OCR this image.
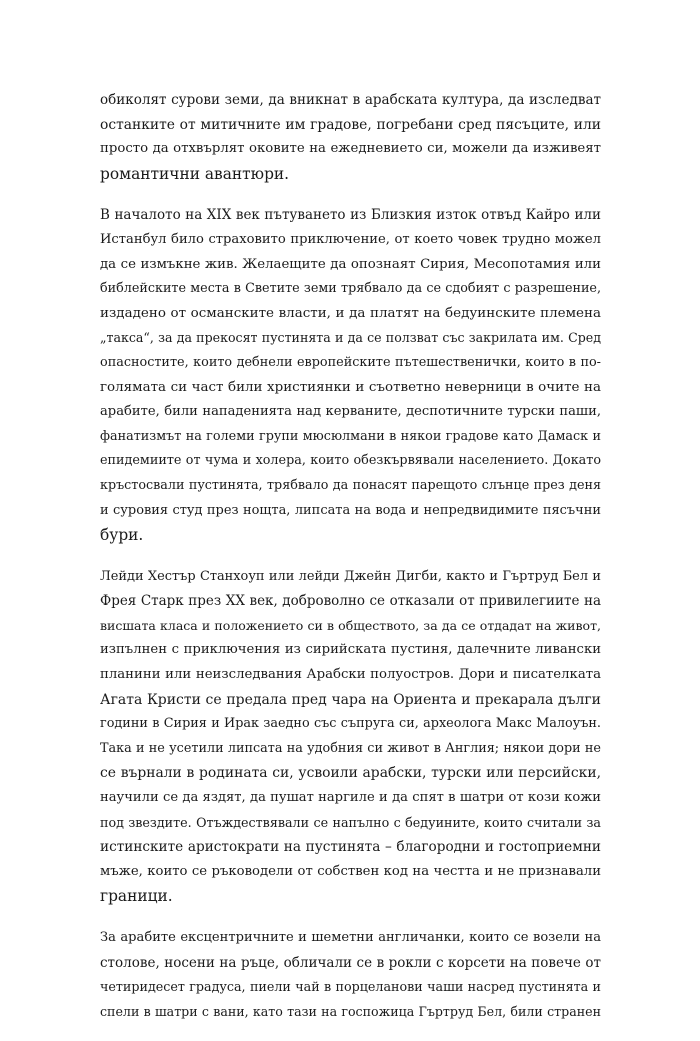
обиколят сурови земи, да вникнат в арабската култура, да изследват
останките от митичните им градове, погребани сред пясъците, или
просто да отхвърлят оковите на ежедневието си, можели да изживеят
романтични авантюри.

В началото на XIX век пътуването из Близкия изток отвъд Кайро или
Истанбул било страховито приключение, от което човек трудно можел
да се измъкне жив. Желаещите да опознаят Сирия, Месопотамия или
библейските места в Светите земи трябвало да се сдобият с разрешение,
издадено от османските власти, и да платят на бедуинските племена
„такса“, за да прекосят пустинята и да се ползват със закрилата им. Сред
опасностите, които дебнели европейските пътешественички, които в по-
голямата си част били християнки и съответно неверници в очите на
арабите, били нападенията над керваните, деспотичните турски паши,
фанатизмът на големи групи мюсюлмани в някои градове като Дамаск и
епидемиите от чума и холера, които обезкървявали населението. Докато
кръстосвали пустинята, трябвало да понасят парещото слънце през деня
и суровия студ през нощта, липсата на вода и непредвидимите пясъчни
бури.

Лейди Хестър Станхоуп или лейди Джейн Дигби, както и Гъртруд Бел и
Фрея Старк през XX век, доброволно се отказали от привилегиите на
висшата класа и положението си в обществото, за да се отдадат на живот,
изпълнен с приключения из сирийската пустиня, далечните ливански
планини или неизследвания Арабски полуостров. Дори и писателката
Агата Кристи се предала пред чара на Ориента и прекарала дълги
години в Сирия и Ирак заедно със съпруга си, археолога Макс Малоуън.
Така и не усетили липсата на удобния си живот в Англия; някои дори не
се върнали в родината си, усвоили арабски, турски или персийски,
научили се да яздят, да пушат наргиле и да спят в шатри от кози кожи
под звездите. Отъждествявали се напълно с бедуините, които считали за
истинските аристократи на пустинята – благородни и гостоприемни
мъже, които се ръководели от собствен код на честта и не признавали
граници.

За арабите ексцентричните и шеметни англичанки, които се возели на
столове, носени на ръце, обличали се в рокли с корсети на повече от
четиридесет градуса, пиели чай в порцеланови чаши насред пустинята и
спели в шатри с вани, като тази на госпожица Гъртруд Бел, били странен
